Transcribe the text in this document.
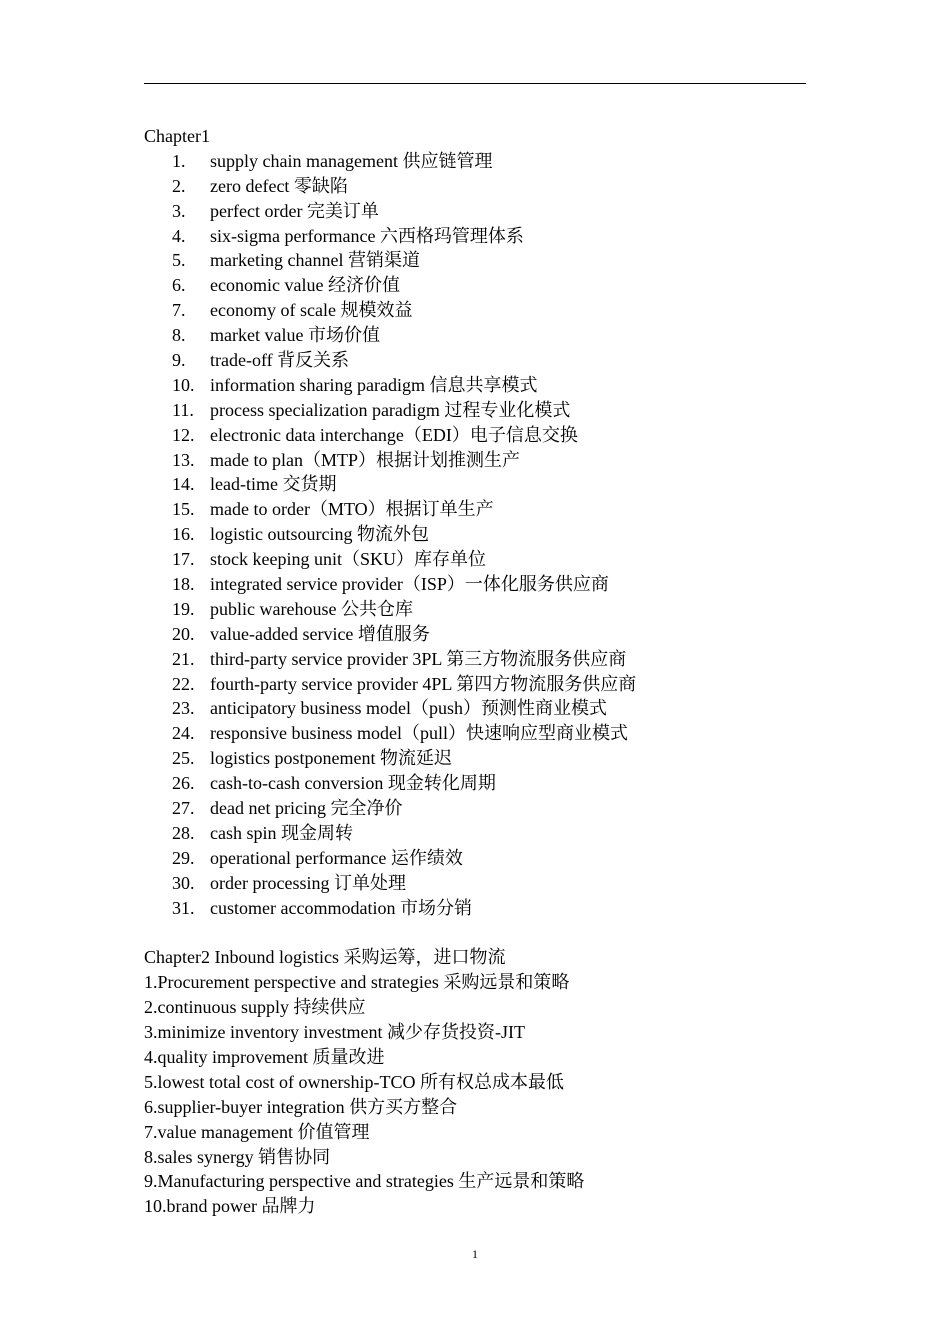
Chapter1
1.	supply chain management 供应链管理
2.	zero defect 零缺陷
3.	perfect order 完美订单
4.	six-sigma performance 六西格玛管理体系
5.	marketing channel 营销渠道
6.	economic value 经济价值
7.	economy of scale 规模效益
8.	market value 市场价值
9.	trade-off 背反关系
10. information sharing paradigm 信息共享模式
11. process specialization paradigm 过程专业化模式
12. electronic data interchange（EDI）电子信息交换
13. made to plan（MTP）根据计划推测生产
14. lead-time 交货期
15. made to order（MTO）根据订单生产
16. logistic outsourcing 物流外包
17. stock keeping unit（SKU）库存单位
18. integrated service provider（ISP）一体化服务供应商
19. public warehouse 公共仓库
20. value-added service 增值服务
21. third-party service provider 3PL 第三方物流服务供应商
22. fourth-party service provider 4PL 第四方物流服务供应商
23. anticipatory business model（push）预测性商业模式
24. responsive business model（pull）快速响应型商业模式
25. logistics postponement 物流延迟
26. cash-to-cash conversion 现金转化周期
27. dead net pricing 完全净价
28. cash spin 现金周转
29. operational performance 运作绩效
30. order processing 订单处理
31. customer accommodation 市场分销
Chapter2 Inbound logistics 采购运筹，进口物流
1.Procurement perspective and strategies 采购远景和策略
2.continuous supply 持续供应
3.minimize inventory investment 减少存货投资-JIT
4.quality improvement 质量改进
5.lowest total cost of ownership-TCO 所有权总成本最低
6.supplier-buyer integration 供方买方整合
7.value management 价值管理
8.sales synergy 销售协同
9.Manufacturing perspective and strategies 生产远景和策略
10.brand power 品牌力
1
